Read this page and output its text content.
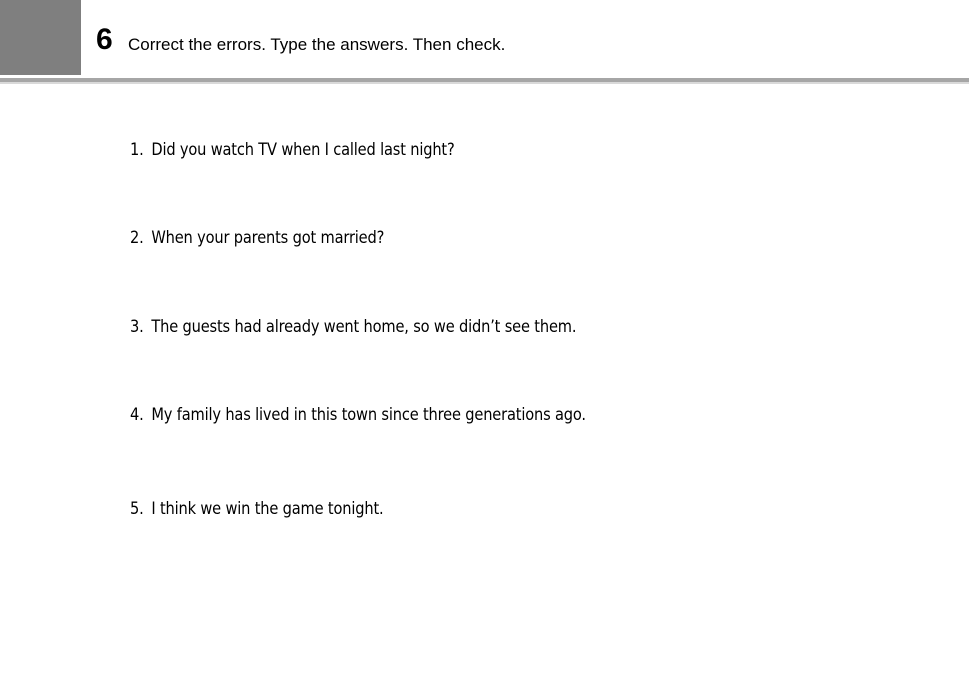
6 Correct the errors. Type the answers. Then check.
1. Did you watch TV when I called last night?
2. When your parents got married?
3. The guests had already went home, so we didn’t see them.
4. My family has lived in this town since three generations ago.
5. I think we win the game tonight.
